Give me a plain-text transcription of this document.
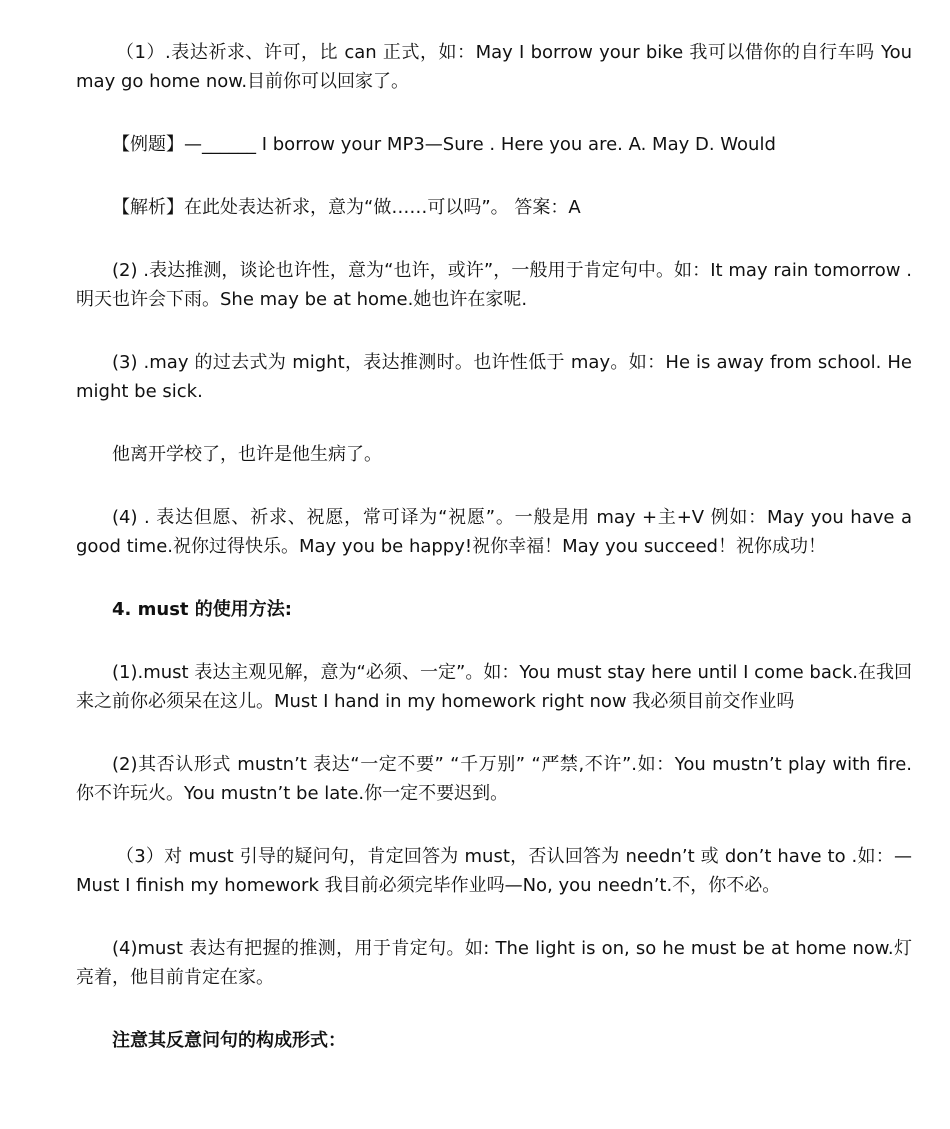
（1）.表达祈求、许可，比 can 正式，如：May I borrow your bike 我可以借你的自行车吗 You may go home now.目前你可以回家了。

【例题】—______ I borrow your MP3—Sure . Here you are. A. May D. Would

【解析】在此处表达祈求，意为“做……可以吗”。 答案：A

(2) .表达推测，谈论也许性，意为“也许，或许”，一般用于肯定句中。如：It may rain tomorrow .明天也许会下雨。She may be at home.她也许在家呢.

(3) .may 的过去式为 might，表达推测时。也许性低于 may。如：He is away from school. He might be sick.

他离开学校了，也许是他生病了。

(4) . 表达但愿、祈求、祝愿，常可译为“祝愿”。一般是用 may +主+V 例如：May you have a good time.祝你过得快乐。May you be happy!祝你幸福！May you succeed！祝你成功！

4. must 的使用方法:

(1).must 表达主观见解，意为“必须、一定”。如：You must stay here until I come back.在我回来之前你必须呆在这儿。Must I hand in my homework right now 我必须目前交作业吗

(2)其否认形式 mustn’t 表达“一定不要” “千万别” “严禁,不许”.如：You mustn’t play with fire. 你不许玩火。You mustn’t be late.你一定不要迟到。

（3）对 must 引导的疑问句，肯定回答为 must，否认回答为 needn’t 或 don’t have to .如：—Must I finish my homework 我目前必须完毕作业吗—No, you needn’t.不，你不必。

(4)must 表达有把握的推测，用于肯定句。如: The light is on, so he must be at home now.灯亮着，他目前肯定在家。

注意其反意问句的构成形式：
